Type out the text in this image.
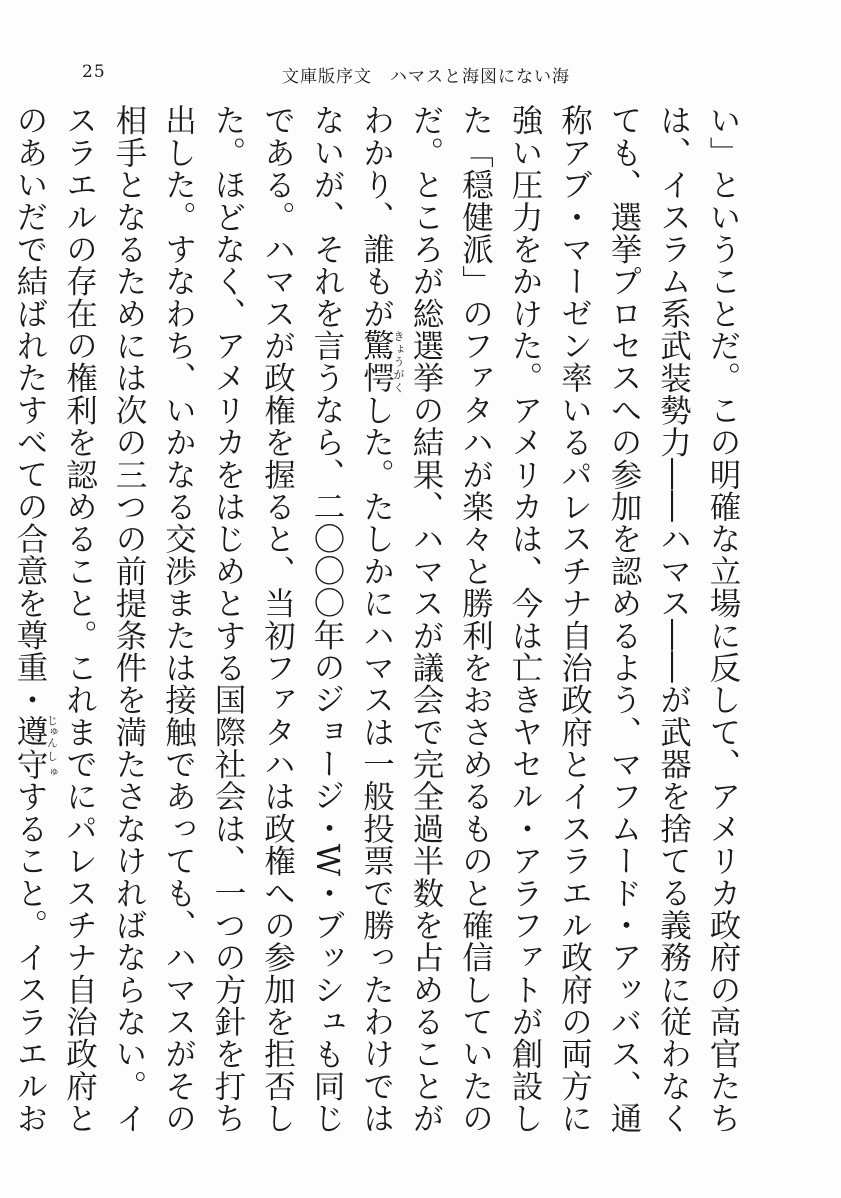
25	文庫版序文　ハマスと海図にない海

い」ということだ。この明確な立場に反して、アメリカ政府の高官たちは、イスラム系武装勢力――ハマス――が武器を捨てる義務に従わなくても、選挙プロセスへの参加を認めるよう、マフムード・アッバス、通称アブ・マーゼン率いるパレスチナ自治政府とイスラエル政府の両方に強い圧力をかけた。アメリカは、今は亡きヤセル・アラファトが創設した「穏健派」のファタハが楽々と勝利をおさめるものと確信していたのだ。ところが総選挙の結果、ハマスが議会で完全過半数を占めることがわかり、誰もが驚愕きょうがくした。たしかにハマスは一般投票で勝ったわけではないが、それを言うなら、二〇〇〇年のジョージ・W・ブッシュも同じである。ハマスが政権を握ると、当初ファタハは政権への参加を拒否した。ほどなく、アメリカをはじめとする国際社会は、一つの方針を打ち出した。すなわち、いかなる交渉または接触であっても、ハマスがその相手となるためには次の三つの前提条件を満たさなければならない。イスラエルの存在の権利を認めること。これまでにパレスチナ自治政府とのあいだで結ばれたすべての合意を尊重・遵じゅん守しゅすること。イスラエルお
